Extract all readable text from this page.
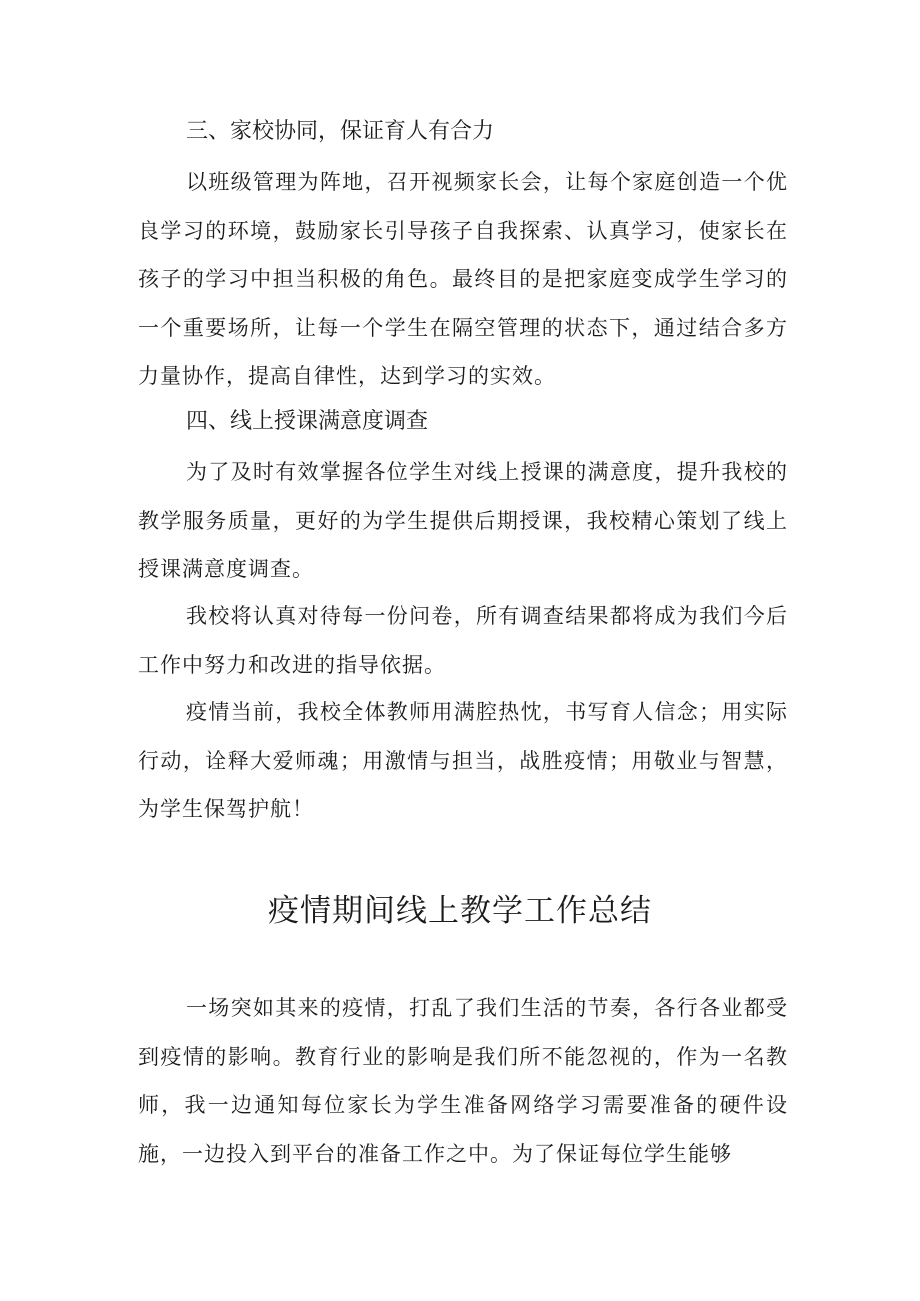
三、家校协同，保证育人有合力

以班级管理为阵地，召开视频家长会，让每个家庭创造一个优良学习的环境，鼓励家长引导孩子自我探索、认真学习，使家长在孩子的学习中担当积极的角色。最终目的是把家庭变成学生学习的一个重要场所，让每一个学生在隔空管理的状态下，通过结合多方力量协作，提高自律性，达到学习的实效。

四、线上授课满意度调查

为了及时有效掌握各位学生对线上授课的满意度，提升我校的教学服务质量，更好的为学生提供后期授课，我校精心策划了线上授课满意度调查。

我校将认真对待每一份问卷，所有调查结果都将成为我们今后工作中努力和改进的指导依据。

疫情当前，我校全体教师用满腔热忱，书写育人信念；用实际行动，诠释大爱师魂；用激情与担当，战胜疫情；用敬业与智慧，为学生保驾护航！

疫情期间线上教学工作总结

一场突如其来的疫情，打乱了我们生活的节奏，各行各业都受到疫情的影响。教育行业的影响是我们所不能忽视的，作为一名教师，我一边通知每位家长为学生准备网络学习需要准备的硬件设施，一边投入到平台的准备工作之中。为了保证每位学生能够
